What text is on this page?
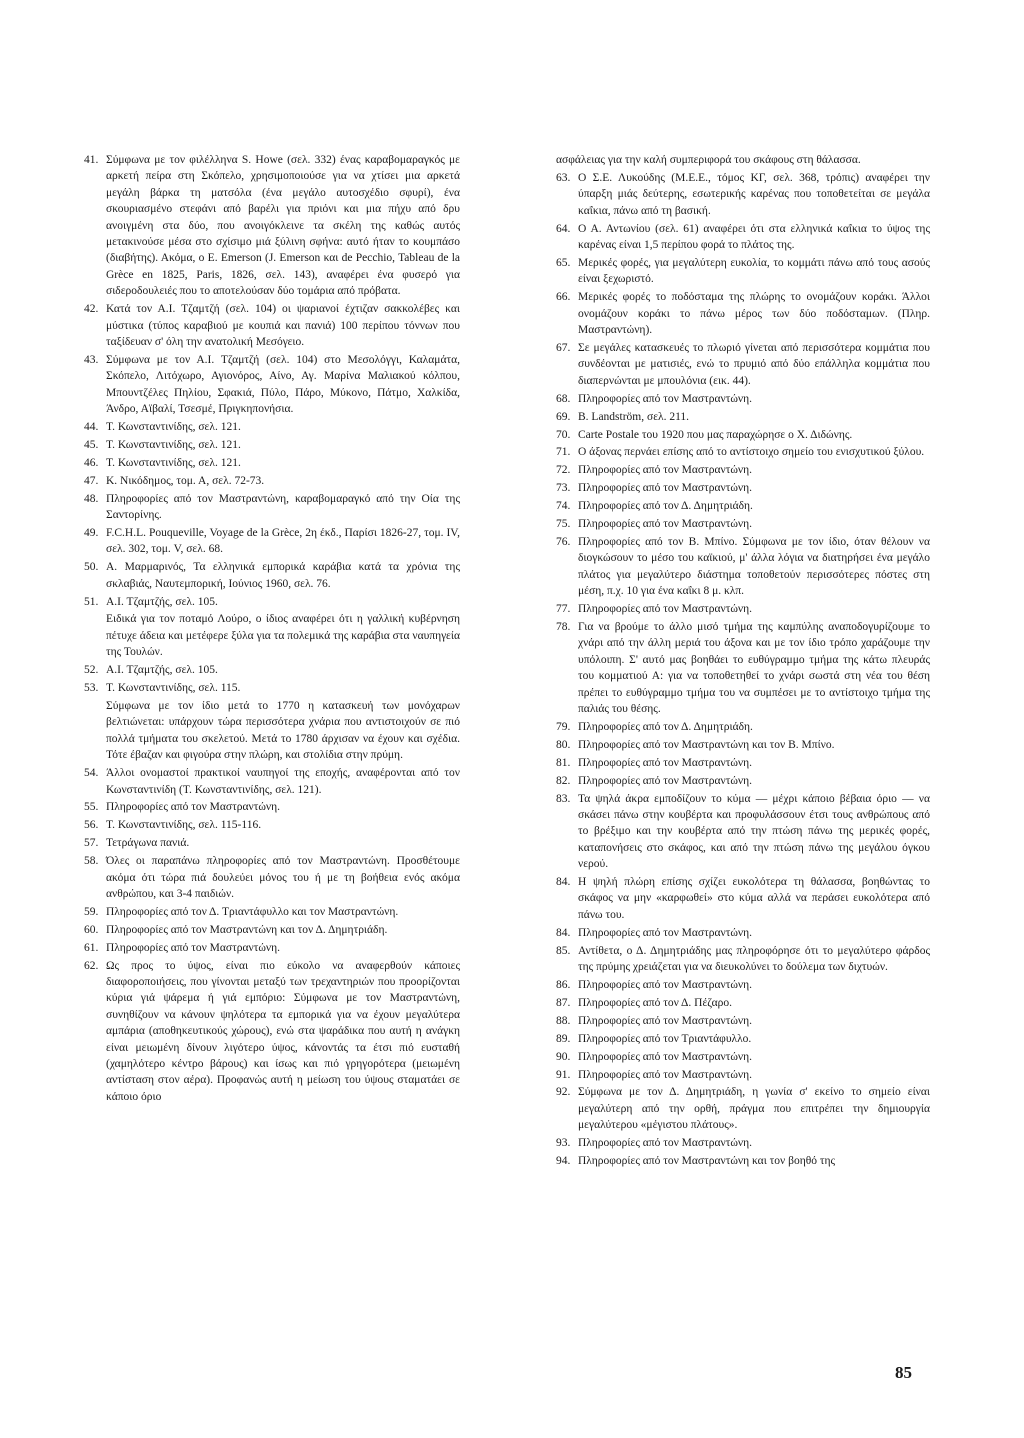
41. Σύμφωνα με τον φιλέλληνα S. Howe (σελ. 332) ένας καραβομαραγκός με αρκετή πείρα στη Σκόπελο, χρησιμοποιούσε για να χτίσει μια αρκετά μεγάλη βάρκα τη ματσόλα (ένα μεγάλο αυτοσχέδιο σφυρί), ένα σκουριασμένο στεφάνι από βαρέλι για πριόνι και μια πήχυ από δρυ ανοιγμένη στα δύο, που ανοιγόκλεινε τα σκέλη της καθώς αυτός μετακινούσε μέσα στο σχίσιμο μιά ξύλινη σφήνα: αυτό ήταν το κουμπάσο (διαβήτης). Ακόμα, ο E. Emerson (J. Emerson και de Pecchio, Tableau de la Grèce en 1825, Paris, 1826, σελ. 143), αναφέρει ένα φυσερό για σιδεροδουλειές που το αποτελούσαν δύο τομάρια από πρόβατα.
42. Κατά τον Α.Ι. Τζαμτζή (σελ. 104) οι ψαριανοί έχτιζαν σακκολέβες και μύστικα (τύπος καραβιού με κουπιά και πανιά) 100 περίπου τόννων που ταξίδευαν σ' όλη την ανατολική Μεσόγειο.
43. Σύμφωνα με τον Α.Ι. Τζαμτζή (σελ. 104) στο Μεσολόγγι, Καλαμάτα, Σκόπελο, Λιτόχωρο, Αγιονόρος, Αίνο, Αγ. Μαρίνα Μαλιακού κόλπου, Μπουντζέλες Πηλίου, Σφακιά, Πύλο, Πάρο, Μύκονο, Πάτμο, Χαλκίδα, Άνδρο, Αϊβαλί, Τσεσμέ, Πριγκηπονήσια.
44. Τ. Κωνσταντινίδης, σελ. 121.
45. Τ. Κωνσταντινίδης, σελ. 121.
46. Τ. Κωνσταντινίδης, σελ. 121.
47. Κ. Νικόδημος, τομ. Α, σελ. 72-73.
48. Πληροφορίες από τον Μαστραντώνη, καραβομαραγκό από την Οία της Σαντορίνης.
49. F.C.H.L. Pouqueville, Voyage de la Grèce, 2η έκδ., Παρίσι 1826-27, τομ. IV, σελ. 302, τομ. V, σελ. 68.
50. Α. Μαρμαρινός, Τα ελληνικά εμπορικά καράβια κατά τα χρόνια της σκλαβιάς, Ναυτεμπορική, Ιούνιος 1960, σελ. 76.
51. Α.Ι. Τζαμτζής, σελ. 105.
Ειδικά για τον ποταμό Λούρο, ο ίδιος αναφέρει ότι η γαλλική κυβέρνηση πέτυχε άδεια και μετέφερε ξύλα για τα πολεμικά της καράβια στα ναυπηγεία της Τουλών.
52. Α.Ι. Τζαμτζής, σελ. 105.
53. Τ. Κωνσταντινίδης, σελ. 115.
Σύμφωνα με τον ίδιο μετά το 1770 η κατασκευή των μονόχαρων βελτιώνεται: υπάρχουν τώρα περισσότερα χνάρια που αντιστοιχούν σε πιό πολλά τμήματα του σκελετού. Μετά το 1780 άρχισαν να έχουν και σχέδια. Τότε έβαζαν και φιγούρα στην πλώρη, και στολίδια στην πρύμη.
54. Άλλοι ονομαστοί πρακτικοί ναυπηγοί της εποχής, αναφέρονται από τον Κωνσταντινίδη (Τ. Κωνσταντινίδης, σελ. 121).
55. Πληροφορίες από τον Μαστραντώνη.
56. Τ. Κωνσταντινίδης, σελ. 115-116.
57. Τετράγωνα πανιά.
58. Όλες οι παραπάνω πληροφορίες από τον Μαστραντώνη. Προσθέτουμε ακόμα ότι τώρα πιά δουλεύει μόνος του ή με τη βοήθεια ενός ακόμα ανθρώπου, και 3-4 παιδιών.
59. Πληροφορίες από τον Δ. Τριαντάφυλλο και τον Μαστραντώνη.
60. Πληροφορίες από τον Μαστραντώνη και τον Δ. Δημητριάδη.
61. Πληροφορίες από τον Μαστραντώνη.
62. Ως προς το ύψος, είναι πιο εύκολο να αναφερθούν κάποιες διαφοροποιήσεις, που γίνονται μεταξύ των τρεχαντηριών που προορίζονται κύρια γιά ψάρεμα ή γιά εμπόριο: Σύμφωνα με τον Μαστραντώνη, συνηθίζουν να κάνουν ψηλότερα τα εμπορικά για να έχουν μεγαλύτερα αμπάρια (αποθηκευτικούς χώρους), ενώ στα ψαράδικα που αυτή η ανάγκη είναι μειωμένη δίνουν λιγότερο ύψος, κάνοντάς τα έτσι πιό ευσταθή (χαμηλότερο κέντρο βάρους) και ίσως και πιό γρηγορότερα (μειωμένη αντίσταση στον αέρα). Προφανώς αυτή η μείωση του ύψους σταματάει σε κάποιο όριο
ασφάλειας για την καλή συμπεριφορά του σκάφους στη θάλασσα.
63. Ο Σ.Ε. Λυκούδης (Μ.Ε.Ε., τόμος ΚΓ, σελ. 368, τρόπις) αναφέρει την ύπαρξη μιάς δεύτερης, εσωτερικής καρένας που τοποθετείται σε μεγάλα καΐκια, πάνω από τη βασική.
64. Ο Α. Αντωνίου (σελ. 61) αναφέρει ότι στα ελληνικά καΐκια το ύψος της καρένας είναι 1,5 περίπου φορά το πλάτος της.
65. Μερικές φορές, για μεγαλύτερη ευκολία, το κομμάτι πάνω από τους ασούς είναι ξεχωριστό.
66. Μερικές φορές το ποδόσταμα της πλώρης το ονομάζουν κοράκι. Άλλοι ονομάζουν κοράκι το πάνω μέρος των δύο ποδόσταμων. (Πληρ. Μαστραντώνη).
67. Σε μεγάλες κατασκευές το πλωριό γίνεται από περισσότερα κομμάτια που συνδέονται με ματισιές, ενώ το πρυμιό από δύο επάλληλα κομμάτια που διαπερνώνται με μπουλόνια (εικ. 44).
68. Πληροφορίες από τον Μαστραντώνη.
69. B. Landström, σελ. 211.
70. Carte Postale του 1920 που μας παραχώρησε ο Χ. Διδώνης.
71. Ο άξονας περνάει επίσης από το αντίστοιχο σημείο του ενισχυτικού ξύλου.
72. Πληροφορίες από τον Μαστραντώνη.
73. Πληροφορίες από τον Μαστραντώνη.
74. Πληροφορίες από τον Δ. Δημητριάδη.
75. Πληροφορίες από τον Μαστραντώνη.
76. Πληροφορίες από τον Β. Μπίνο. Σύμφωνα με τον ίδιο, όταν θέλουν να διογκώσουν το μέσο του καϊκιού, μ' άλλα λόγια να διατηρήσει ένα μεγάλο πλάτος για μεγαλύτερο διάστημα τοποθετούν περισσότερες πόστες στη μέση, π.χ. 10 για ένα καΐκι 8 μ. κλπ.
77. Πληροφορίες από τον Μαστραντώνη.
78. Για να βρούμε το άλλο μισό τμήμα της καμπύλης αναποδογυρίζουμε το χνάρι από την άλλη μεριά του άξονα και με τον ίδιο τρόπο χαράζουμε την υπόλοιπη. Σ' αυτό μας βοηθάει το ευθύγραμμο τμήμα της κάτω πλευράς του κομματιού Α: για να τοποθετηθεί το χνάρι σωστά στη νέα του θέση πρέπει το ευθύγραμμο τμήμα του να συμπέσει με το αντίστοιχο τμήμα της παλιάς του θέσης.
79. Πληροφορίες από τον Δ. Δημητριάδη.
80. Πληροφορίες από τον Μαστραντώνη και τον Β. Μπίνο.
81. Πληροφορίες από τον Μαστραντώνη.
82. Πληροφορίες από τον Μαστραντώνη.
83. Τα ψηλά άκρα εμποδίζουν το κύμα — μέχρι κάποιο βέβαια όριο — να σκάσει πάνω στην κουβέρτα και προφυλάσσουν έτσι τους ανθρώπους από το βρέξιμο και την κουβέρτα από την πτώση πάνω της μερικές φορές, καταπονήσεις στο σκάφος, και από την πτώση πάνω της μεγάλου όγκου νερού.
84. Η ψηλή πλώρη επίσης σχίζει ευκολότερα τη θάλασσα, βοηθώντας το σκάφος να μην «καρφωθεί» στο κύμα αλλά να περάσει ευκολότερα από πάνω του.
84. Πληροφορίες από τον Μαστραντώνη.
85. Αντίθετα, ο Δ. Δημητριάδης μας πληροφόρησε ότι το μεγαλύτερο φάρδος της πρύμης χρειάζεται για να διευκολύνει το δούλεμα των διχτυών.
86. Πληροφορίες από τον Μαστραντώνη.
87. Πληροφορίες από τον Δ. Πέζαρο.
88. Πληροφορίες από τον Μαστραντώνη.
89. Πληροφορίες από τον Τριαντάφυλλο.
90. Πληροφορίες από τον Μαστραντώνη.
91. Πληροφορίες από τον Μαστραντώνη.
92. Σύμφωνα με τον Δ. Δημητριάδη, η γωνία σ' εκείνο το σημείο είναι μεγαλύτερη από την ορθή, πράγμα που επιτρέπει την δημιουργία μεγαλύτερου «μέγιστου πλάτους».
93. Πληροφορίες από τον Μαστραντώνη.
94. Πληροφορίες από τον Μαστραντώνη και τον βοηθό της
85
